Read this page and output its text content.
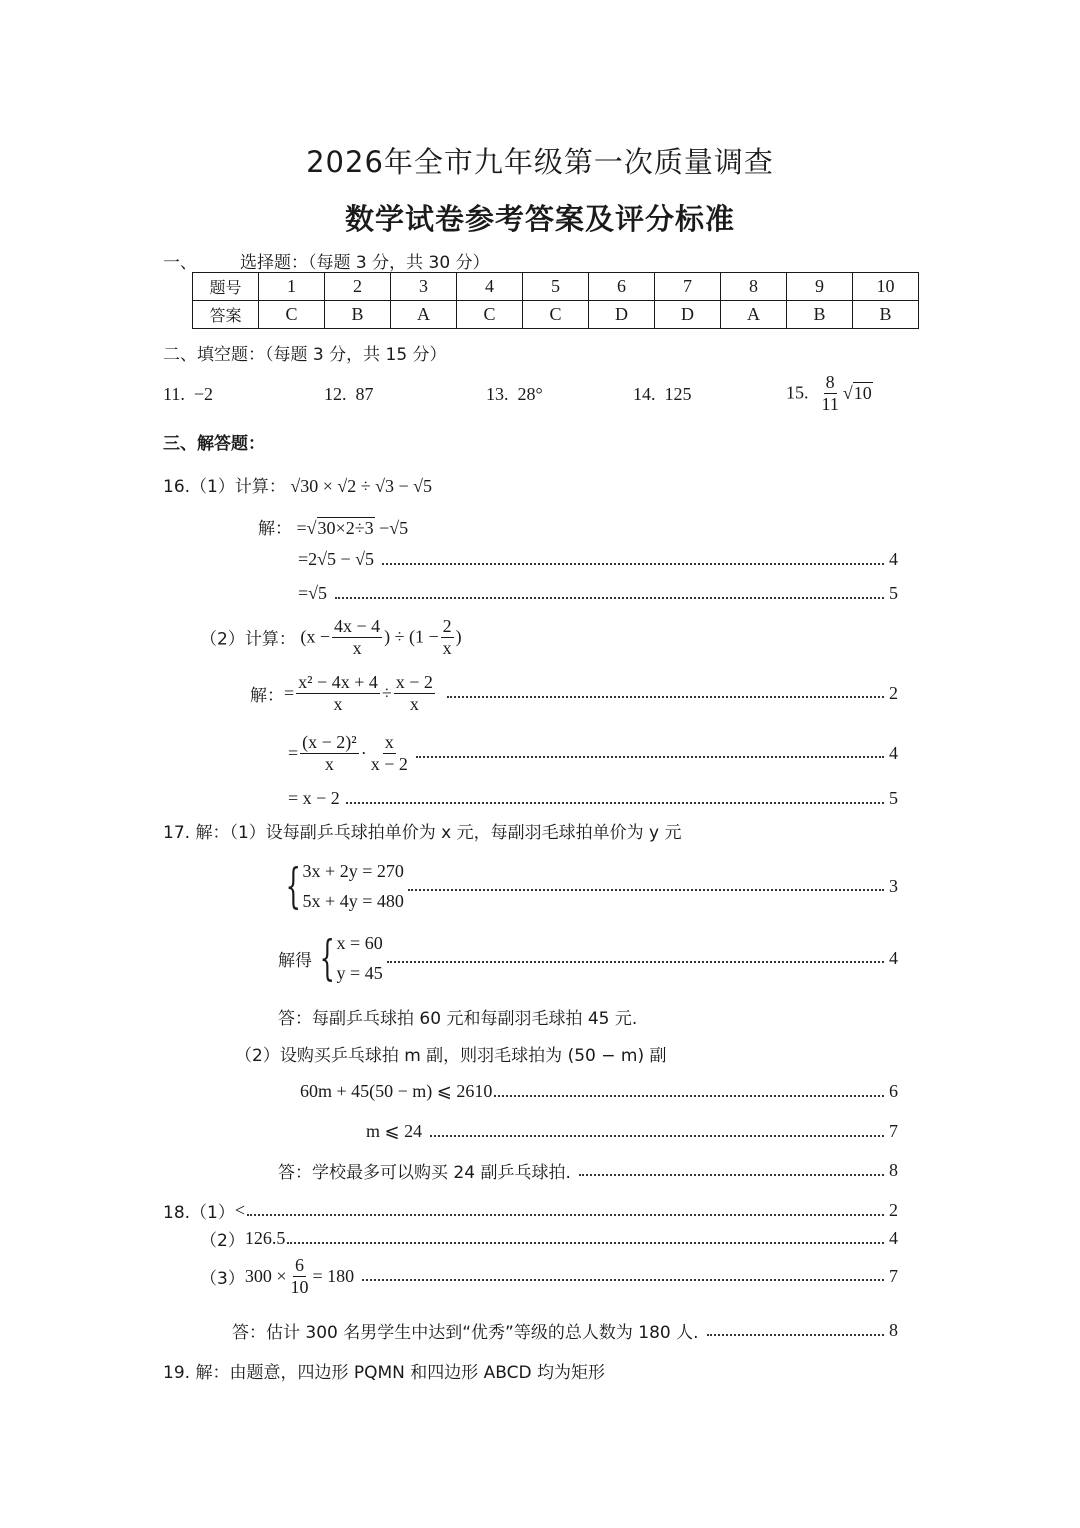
2026年全市九年级第一次质量调查
数学试卷参考答案及评分标准
一、	选择题：（每题 3 分，共 30 分）
题号	1	2	3	4	5	6	7	8	9	10
答案	C	B	A	C	C	D	D	A	B	B
二、填空题：（每题 3 分，共 15 分）
11. −2	12. 87	13. 28°	14. 125	15. $\frac{8}{11} √10$
三、解答题：
16.（1）计算： √30 × √2 ÷ √3 − √5
解： =√30×2÷3 −√5
=2√5 − √5	4
=√5	5
（2）计算： ($x - \frac{4x - 4}{x}$ ) ÷ ($1 - \frac{2}{x}$ )
解： = $\frac{\text{x² − 4x + 4}}{x} \div \frac{x - 2}{x}$	2
= $\frac{\text{(x − 2)²}}{x} \cdot \frac{x}{x - 2}$	4
= x − 2	5
17. 解：（1）设每副乒乓球拍单价为 x 元，每副羽毛球拍单价为 y 元
{ 3x + 2y = 270
5x + 4y = 480
3
解得 { x = 60
y = 45
4
答：每副乒乓球拍 60 元和每副羽毛球拍 45 元.
（2）设购买乒乓球拍 m 副，则羽毛球拍为 (50 − m) 副
60m + 45(50 − m) ⩽ 2610	6
m ⩽ 24	7
答：学校最多可以购买 24 副乒乓球拍.	8
18.（1） <	2
（2） 126.5	4
（3） $300 \times \frac{6}{10} = 180$	7
答：估计 300 名男学生中达到“优秀”等级的总人数为 180 人.	8
19. 解：由题意，四边形 PQMN 和四边形 ABCD 均为矩形
